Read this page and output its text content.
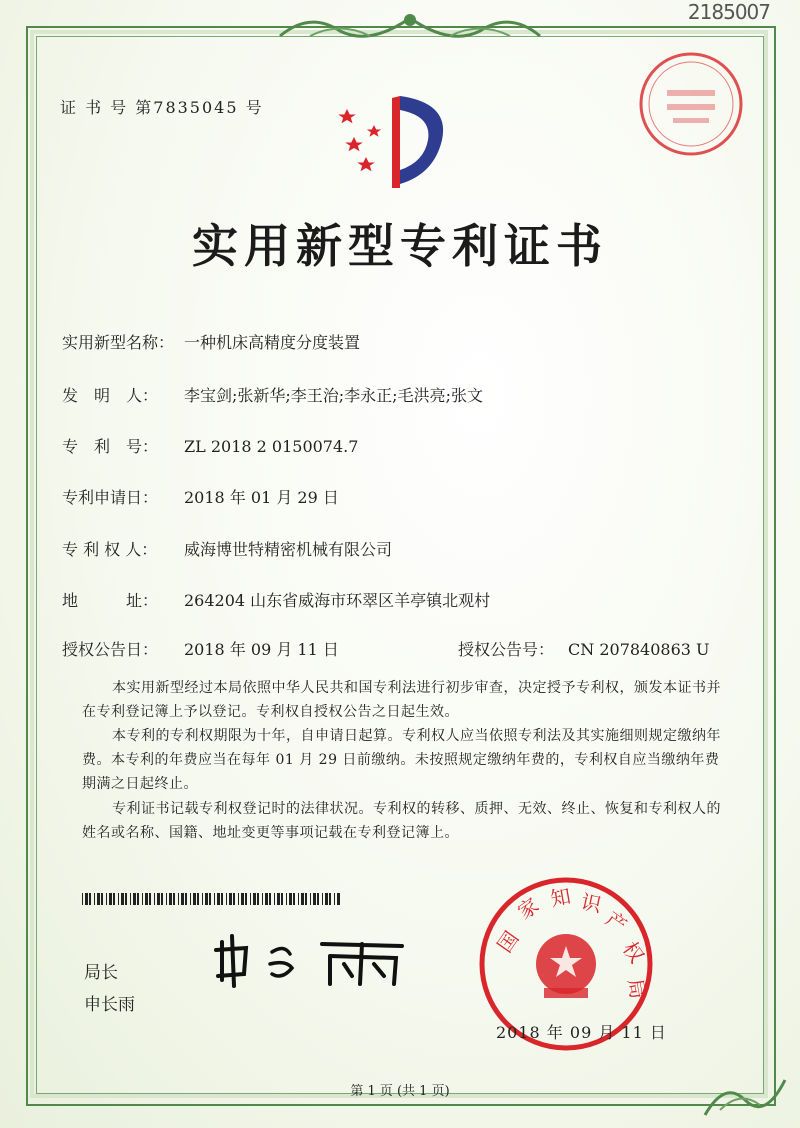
2185007
证 书 号 第7835045 号
实用新型专利证书
实用新型名称： 一种机床高精度分度装置
发　明　人： 李宝剑;张新华;李王治;李永正;毛洪亮;张文
专　利　号： ZL 2018 2 0150074.7
专利申请日： 2018 年 01 月 29 日
专 利 权 人： 威海博世特精密机械有限公司
地　　　址： 264204 山东省威海市环翠区羊亭镇北观村
授权公告日： 2018 年 09 月 11 日	授权公告号： CN 207840863 U
本实用新型经过本局依照中华人民共和国专利法进行初步审查，决定授予专利权，颁发本证书并在专利登记簿上予以登记。专利权自授权公告之日起生效。
本专利的专利权期限为十年，自申请日起算。专利权人应当依照专利法及其实施细则规定缴纳年费。本专利的年费应当在每年 01 月 29 日前缴纳。未按照规定缴纳年费的，专利权自应当缴纳年费期满之日起终止。
专利证书记载专利权登记时的法律状况。专利权的转移、质押、无效、终止、恢复和专利权人的姓名或名称、国籍、地址变更等事项记载在专利登记簿上。
局长
申长雨
国
家 知 识
产
权
局
2018 年 09 月 11 日
第 1 页 (共 1 页)
